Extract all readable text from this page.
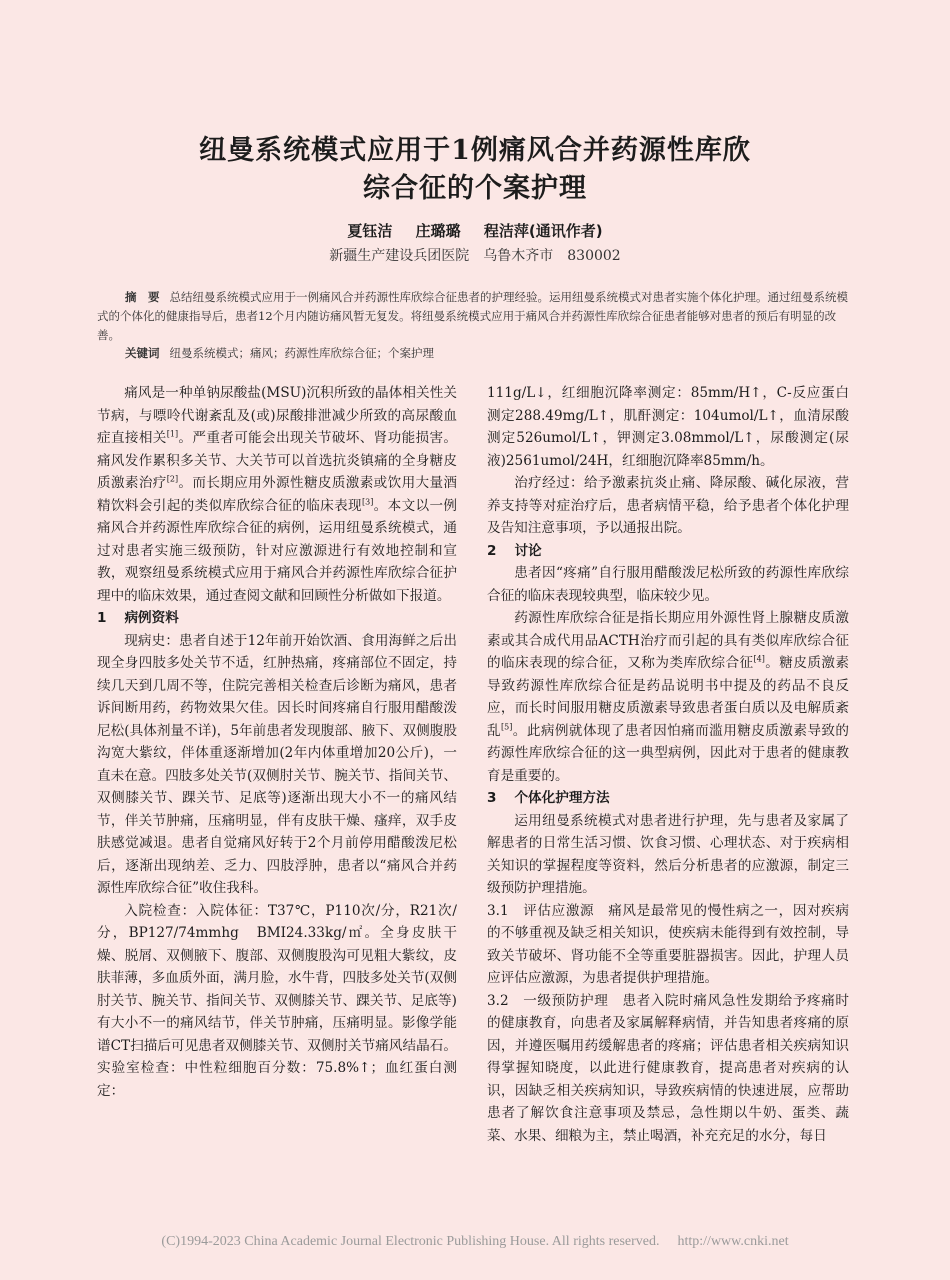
纽曼系统模式应用于1例痛风合并药源性库欣
综合征的个案护理
夏钰洁 庄璐璐 程洁萍(通讯作者)
新疆生产建设兵团医院　乌鲁木齐市　830002
摘　要 总结纽曼系统模式应用于一例痛风合并药源性库欣综合征患者的护理经验。运用纽曼系统模式对患者实施个体化护理。通过纽曼系统模式的个体化的健康指导后，患者12个月内随访痛风暂无复发。将纽曼系统模式应用于痛风合并药源性库欣综合征患者能够对患者的预后有明显的改善。
关键词 纽曼系统模式；痛风；药源性库欣综合征；个案护理

痛风是一种单钠尿酸盐(MSU)沉积所致的晶体相关性关节病，与嘌呤代谢紊乱及(或)尿酸排泄减少所致的高尿酸血症直接相关[1]。严重者可能会出现关节破坏、肾功能损害。痛风发作累积多关节、大关节可以首选抗炎镇痛的全身糖皮质激素治疗[2]。而长期应用外源性糖皮质激素或饮用大量酒精饮料会引起的类似库欣综合征的临床表现[3]。本文以一例痛风合并药源性库欣综合征的病例，运用纽曼系统模式，通过对患者实施三级预防，针对应激源进行有效地控制和宣教，观察纽曼系统模式应用于痛风合并药源性库欣综合征护理中的临床效果，通过查阅文献和回顾性分析做如下报道。

1 病例资料

现病史：患者自述于12年前开始饮酒、食用海鲜之后出现全身四肢多处关节不适，红肿热痛，疼痛部位不固定，持续几天到几周不等，住院完善相关检查后诊断为痛风，患者诉间断用药，药物效果欠佳。因长时间疼痛自行服用醋酸泼尼松(具体剂量不详)，5年前患者发现腹部、腋下、双侧腹股沟宽大紫纹，伴体重逐渐增加(2年内体重增加20公斤)，一直未在意。四肢多处关节(双侧肘关节、腕关节、指间关节、双侧膝关节、踝关节、足底等)逐渐出现大小不一的痛风结节，伴关节肿痛，压痛明显，伴有皮肤干燥、瘙痒，双手皮肤感觉减退。患者自觉痛风好转于2个月前停用醋酸泼尼松后，逐渐出现纳差、乏力、四肢浮肿，患者以“痛风合并药源性库欣综合征”收住我科。

入院检查：入院体征：T37℃，P110次/分，R21次/分，BP127/74mmhg　BMI24.33kg/㎡。全身皮肤干燥、脱屑、双侧腋下、腹部、双侧腹股沟可见粗大紫纹，皮肤菲薄，多血质外面，满月脸，水牛背，四肢多处关节(双侧肘关节、腕关节、指间关节、双侧膝关节、踝关节、足底等)有大小不一的痛风结节，伴关节肿痛，压痛明显。影像学能谱CT扫描后可见患者双侧膝关节、双侧肘关节痛风结晶石。实验室检查：中性粒细胞百分数：75.8%↑；血红蛋白测定：

111g/L↓，红细胞沉降率测定：85mm/H↑，C-反应蛋白测定288.49mg/L↑，肌酐测定：104umol/L↑，血清尿酸测定526umol/L↑，钾测定3.08mmol/L↑，尿酸测定(尿液)2561umol/24H，红细胞沉降率85mm/h。

治疗经过：给予激素抗炎止痛、降尿酸、碱化尿液，营养支持等对症治疗后，患者病情平稳，给予患者个体化护理及告知注意事项，予以通报出院。

2 讨论

患者因“疼痛”自行服用醋酸泼尼松所致的药源性库欣综合征的临床表现较典型，临床较少见。

药源性库欣综合征是指长期应用外源性肾上腺糖皮质激素或其合成代用品ACTH治疗而引起的具有类似库欣综合征的临床表现的综合征，又称为类库欣综合征[4]。糖皮质激素导致药源性库欣综合征是药品说明书中提及的药品不良反应，而长时间服用糖皮质激素导致患者蛋白质以及电解质紊乱[5]。此病例就体现了患者因怕痛而滥用糖皮质激素导致的药源性库欣综合征的这一典型病例，因此对于患者的健康教育是重要的。

3 个体化护理方法

运用纽曼系统模式对患者进行护理，先与患者及家属了解患者的日常生活习惯、饮食习惯、心理状态、对于疾病相关知识的掌握程度等资料，然后分析患者的应激源，制定三级预防护理措施。

3.1 评估应激源 痛风是最常见的慢性病之一，因对疾病的不够重视及缺乏相关知识，使疾病未能得到有效控制，导致关节破坏、肾功能不全等重要脏器损害。因此，护理人员应评估应激源，为患者提供护理措施。

3.2 一级预防护理 患者入院时痛风急性发期给予疼痛时的健康教育，向患者及家属解释病情，并告知患者疼痛的原因，并遵医嘱用药缓解患者的疼痛；评估患者相关疾病知识得掌握知晓度，以此进行健康教育，提高患者对疾病的认识，因缺乏相关疾病知识，导致疾病情的快速进展，应帮助患者了解饮食注意事项及禁忌，急性期以牛奶、蛋类、蔬菜、水果、细粮为主，禁止喝酒，补充充足的水分，每日

(C)1994-2023 China Academic Journal Electronic Publishing House. All rights reserved. http://www.cnki.net
